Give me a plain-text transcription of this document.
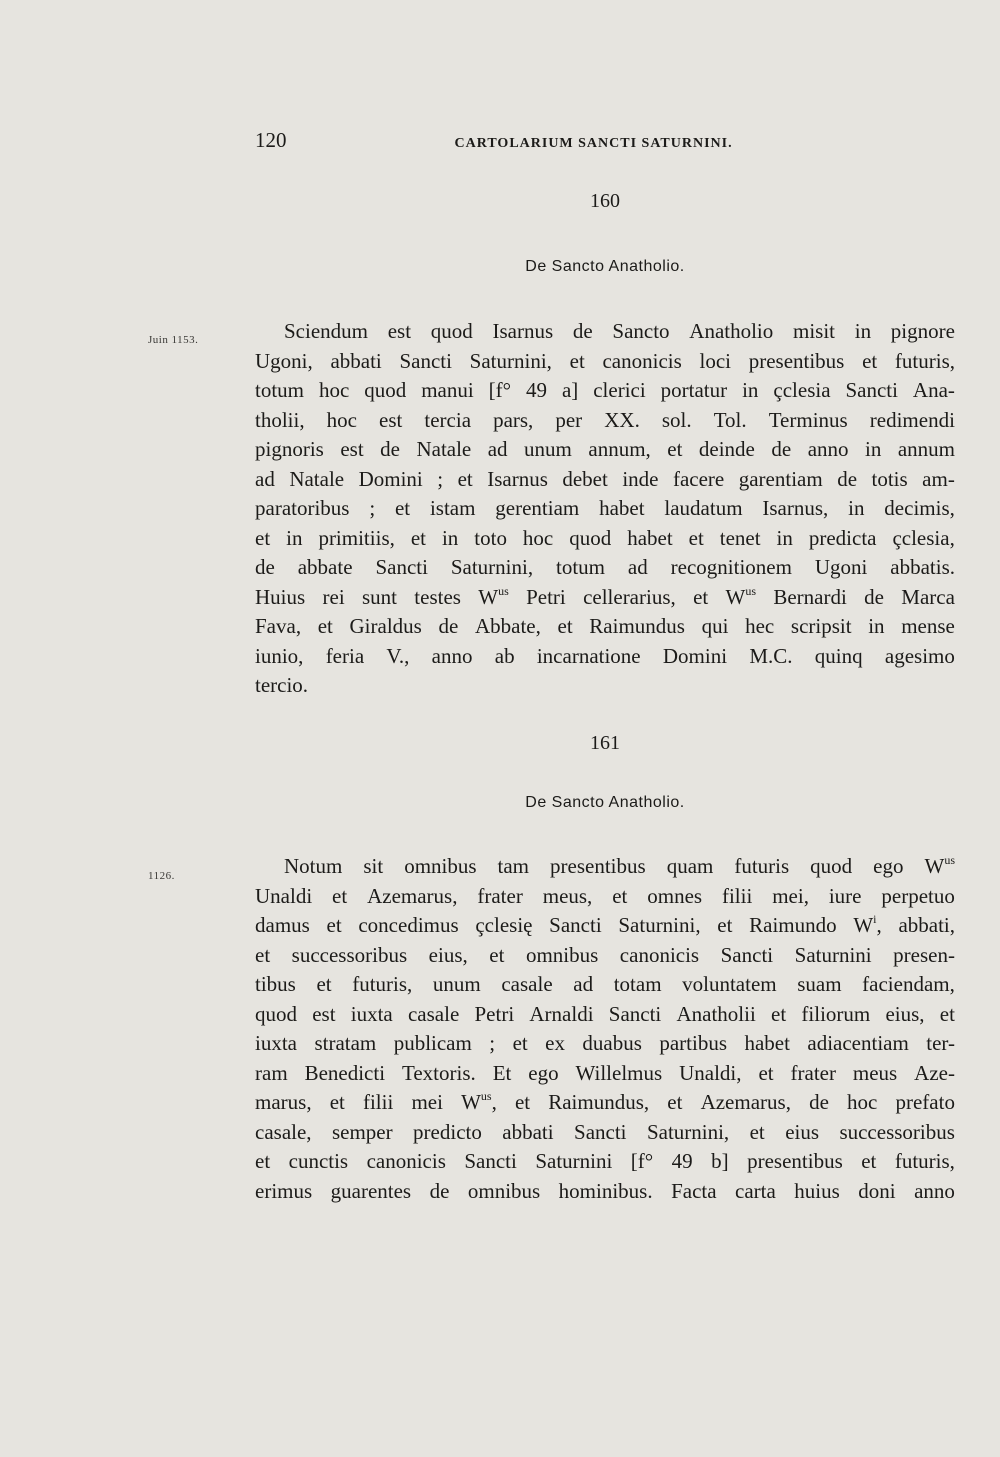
120	CARTOLARIUM SANCTI SATURNINI.
160
De Sancto Anatholio.
Juin 1153.	Sciendum est quod Isarnus de Sancto Anatholio misit in pignore
Ugoni, abbati Sancti Saturnini, et canonicis loci presentibus et futuris,
totum hoc quod manui [f° 49 a] clerici portatur in çclesia Sancti Ana-
tholii, hoc est tercia pars, per XX. sol. Tol. Terminus redimendi
pignoris est de Natale ad unum annum, et deinde de anno in annum
ad Natale Domini ; et Isarnus debet inde facere garentiam de totis am-
paratoribus ; et istam gerentiam habet laudatum Isarnus, in decimis,
et in primitiis, et in toto hoc quod habet et tenet in predicta çclesia,
de abbate Sancti Saturnini, totum ad recognitionem Ugoni abbatis.
Huius rei sunt testes $W^{us}$ Petri cellerarius, et $W^{us}$ Bernardi de Marca
Fava, et Giraldus de Abbate, et Raimundus qui hec scripsit in mense
iunio, feria V., anno ab incarnatione Domini M.C. quinq agesimo
tercio.
161
De Sancto Anatholio.
1126.	Notum sit omnibus tam presentibus quam futuris quod ego $W^{us}$
Unaldi et Azemarus, frater meus, et omnes filii mei, iure perpetuo
damus et concedimus çclesię Sancti Saturnini, et Raimundo $W^i$, abbati,
et successoribus eius, et omnibus canonicis Sancti Saturnini presen-
tibus et futuris, unum casale ad totam voluntatem suam faciendam,
quod est iuxta casale Petri Arnaldi Sancti Anatholii et filiorum eius, et
iuxta stratam publicam ; et ex duabus partibus habet adiacentiam ter-
ram Benedicti Textoris. Et ego Willelmus Unaldi, et frater meus Aze-
marus, et filii mei $W^{us}$, et Raimundus, et Azemarus, de hoc prefato
casale, semper predicto abbati Sancti Saturnini, et eius successoribus
et cunctis canonicis Sancti Saturnini [f° 49 b] presentibus et futuris,
erimus guarentes de omnibus hominibus. Facta carta huius doni anno
